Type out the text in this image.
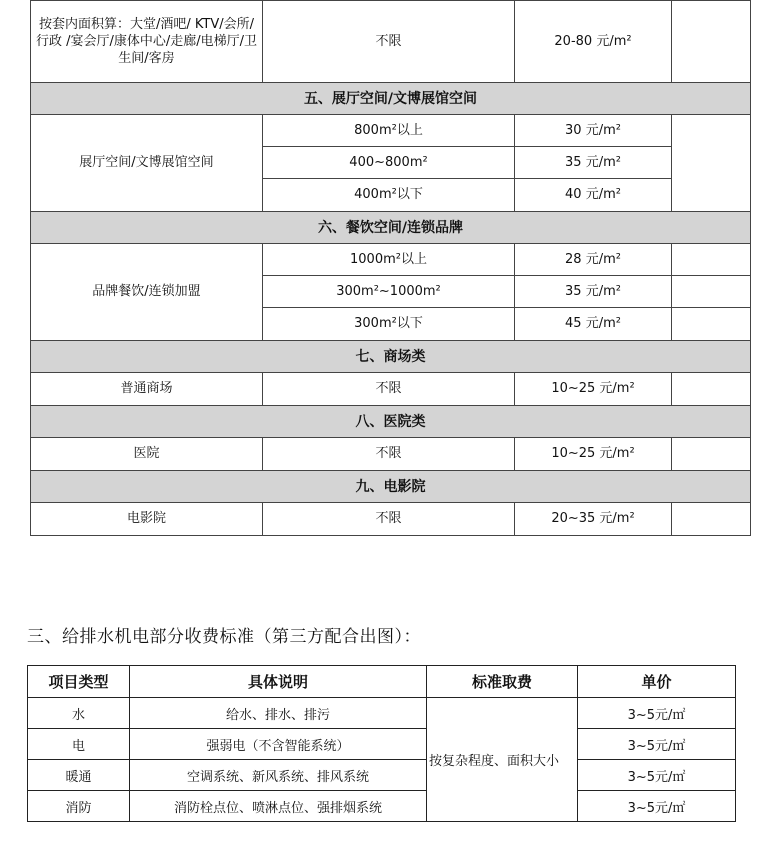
按套内面积算：大堂/酒吧/ KTV/会所/行政 /宴会厅/康体中心/走廊/电梯厅/卫生间/客房	不限	20-80 元/m²	
五、展厅空间/文博展馆空间			
展厅空间/文博展馆空间	800m²以上	30 元/m²	
	400~800m²	35 元/m²	
	400m²以下	40 元/m²	
六、餐饮空间/连锁品牌			
品牌餐饮/连锁加盟	1000m²以上	28 元/m²	
	300m²~1000m²	35 元/m²	
	300m²以下	45 元/m²	
七、商场类			
普通商场	不限	10~25 元/m²	
八、医院类			
医院	不限	10~25 元/m²	
九、电影院			
电影院	不限	20~35 元/m²	
三、给排水机电部分收费标准（第三方配合出图）：
项目类型	具体说明	标准取费	单价
水	给水、排水、排污	按复杂程度、面积大小	3~5元/㎡
电	强弱电（不含智能系统）		3~5元/㎡
暖通	空调系统、新风系统、排风系统		3~5元/㎡
消防	消防栓点位、喷淋点位、强排烟系统		3~5元/㎡
